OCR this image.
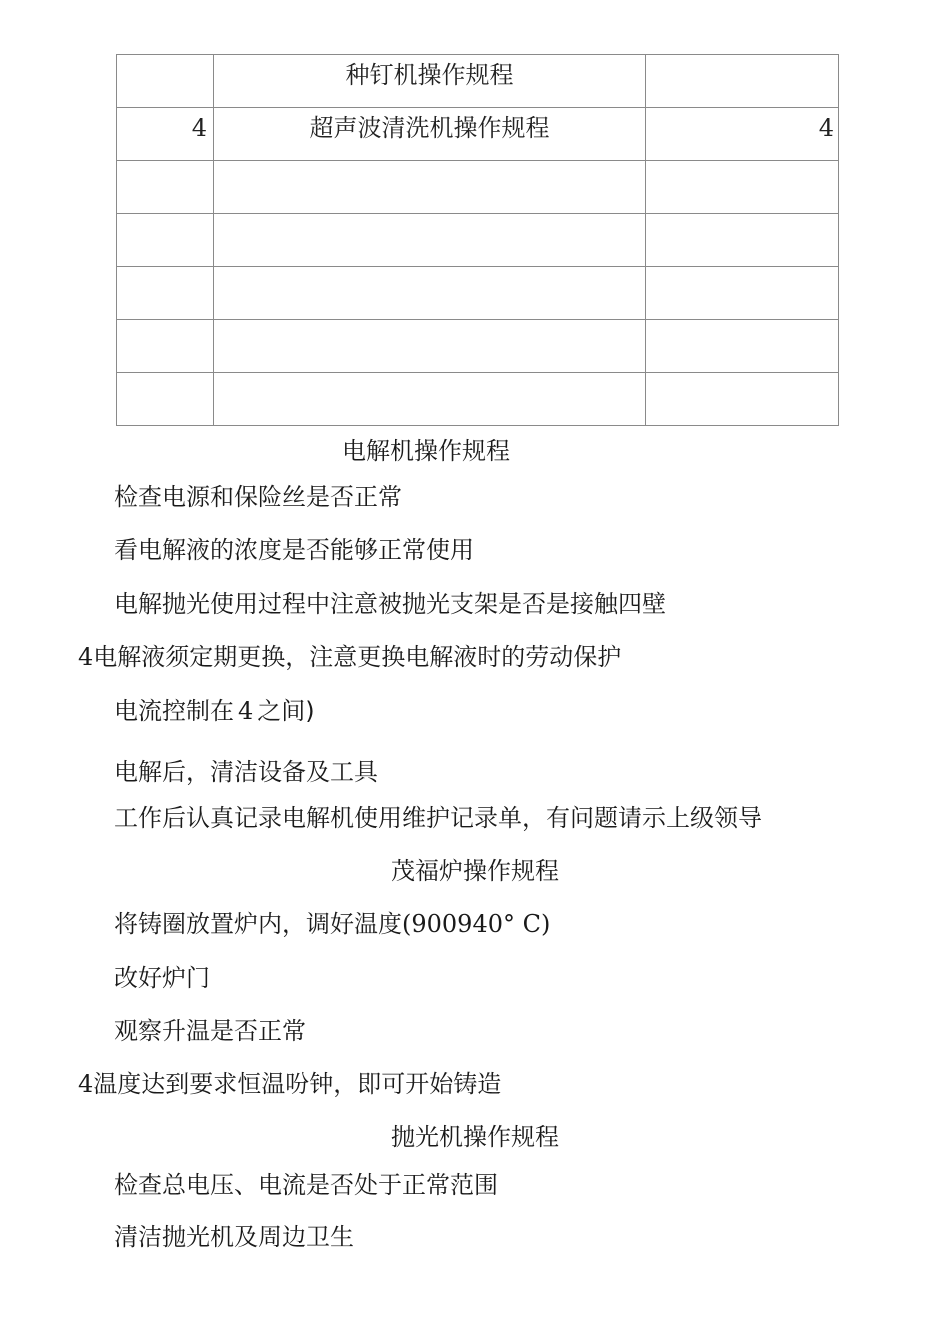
	种钉机操作规程	
4	超声波清洗机操作规程	4

电解机操作规程
检查电源和保险丝是否正常
看电解液的浓度是否能够正常使用
电解抛光使用过程中注意被抛光支架是否是接触四壁
4电解液须定期更换，注意更换电解液时的劳动保护
电流控制在 4 之间)
电解后，清洁设备及工具
工作后认真记录电解机使用维护记录单，有问题请示上级领导
茂福炉操作规程
将铸圈放置炉内，调好温度(900940° C)
改好炉门
观察升温是否正常
4温度达到要求恒温吩钟，即可开始铸造
抛光机操作规程
检查总电压、电流是否处于正常范围
清洁抛光机及周边卫生
